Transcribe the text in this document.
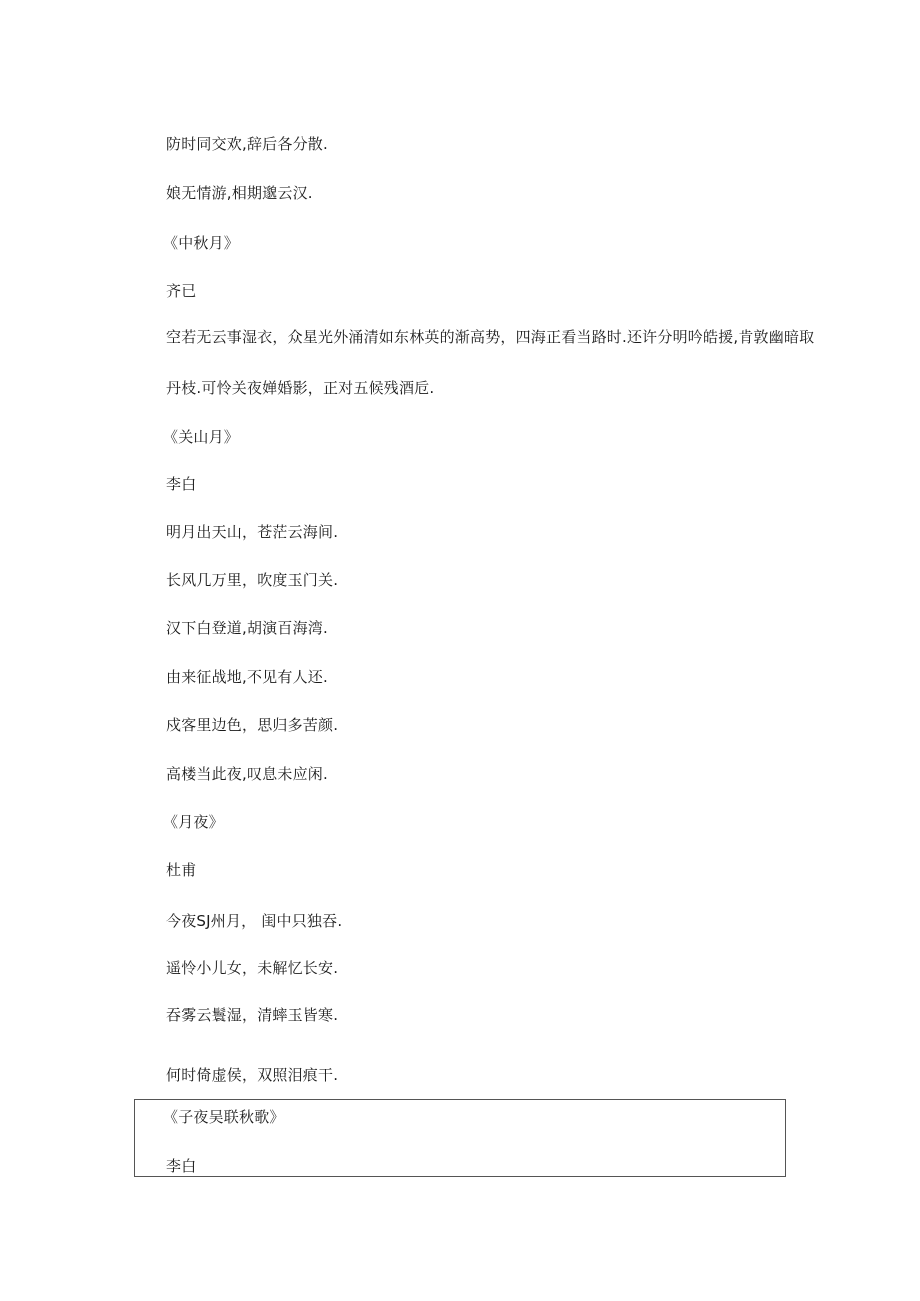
防时同交欢,辞后各分散.
娘无情游,相期邈云汉.
《中秋月》
齐已
空若无云事湿衣，众星光外涌清如东林英的渐高势，四海正看当路时.还许分明吟皓援,肯敦幽暗取
丹枝.可怜关夜婵婚影，正对五候残酒卮.
《关山月》
李白
明月出天山，苍茫云海间.
长风几万里，吹度玉门关.
汉下白登道,胡演百海湾.
由来征战地,不见有人还.
戍客里边色，思归多苦颜.
高楼当此夜,叹息未应闲.
《月夜》
杜甫
今夜SJ州月， 闺中只独吞.
遥怜小儿女，未解忆长安.
吞雾云鬟湿，清蟀玉皆寒.
何时倚虚侯，双照泪痕干.
《子夜吴联秋歌》
李白
